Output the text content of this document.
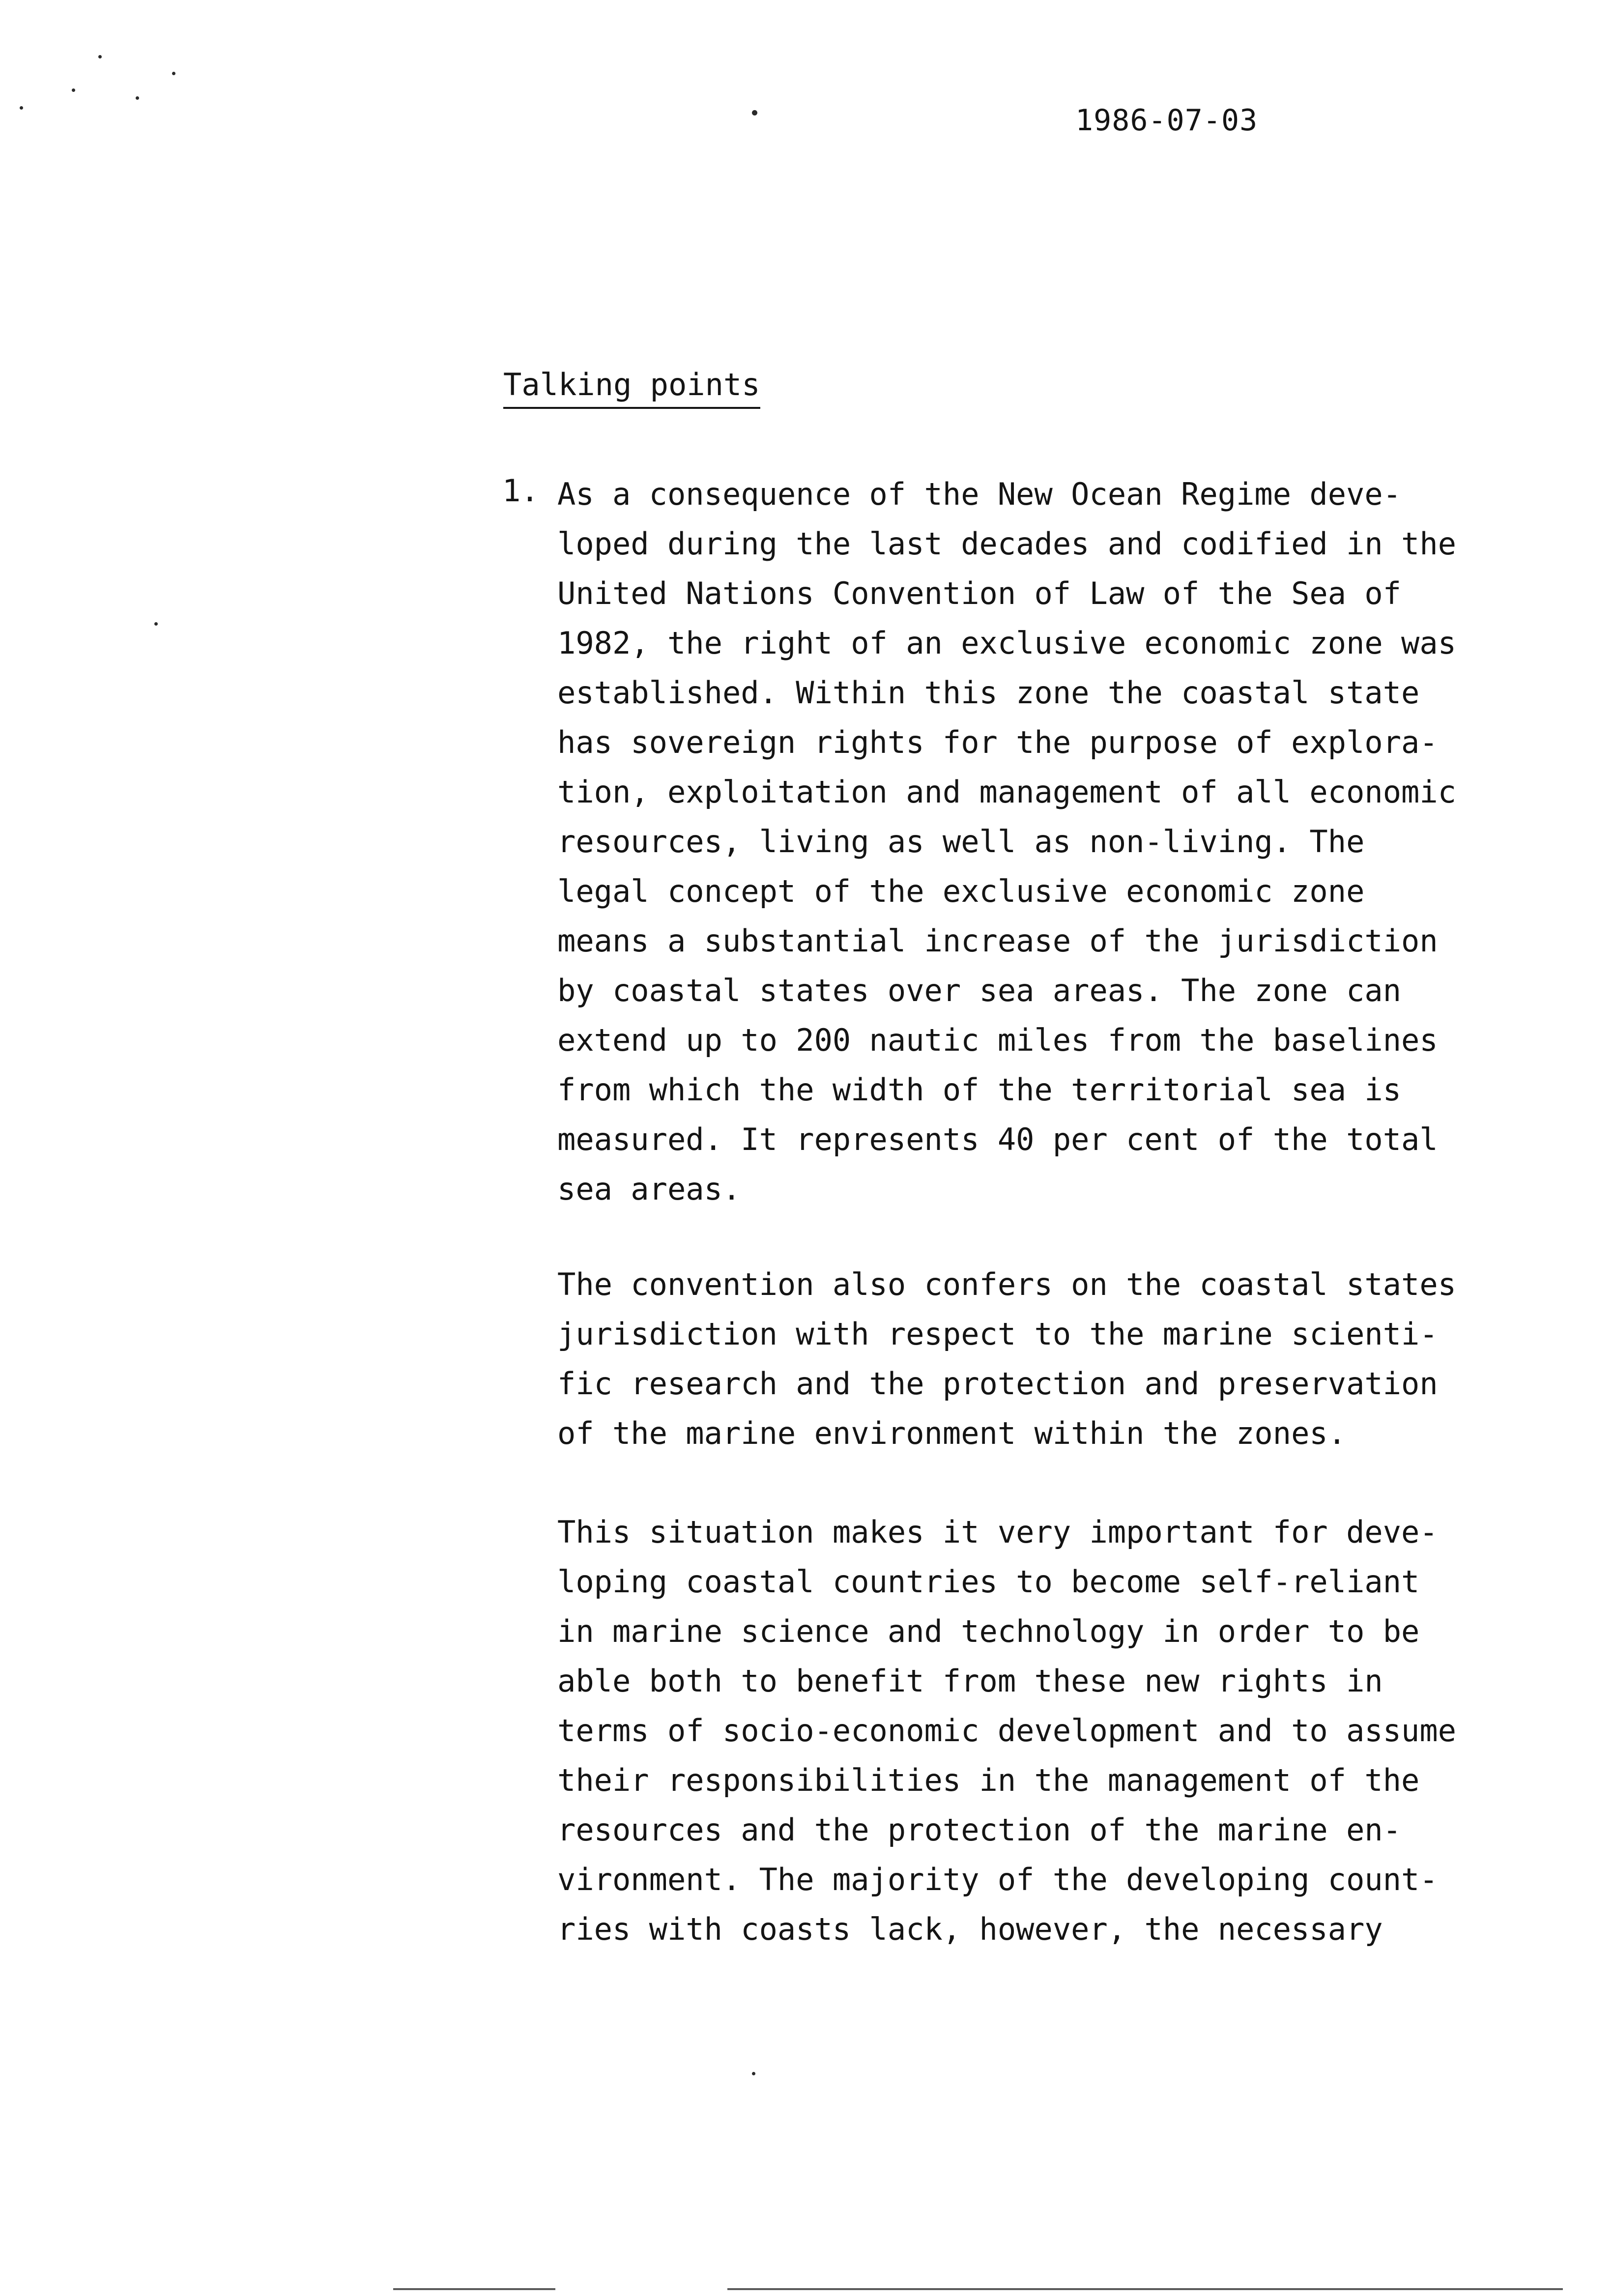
1986-07-03
Talking points
1. As a consequence of the New Ocean Regime deve-
loped during the last decades and codified in the
United Nations Convention of Law of the Sea of
1982, the right of an exclusive economic zone was
established. Within this zone the coastal state
has sovereign rights for the purpose of explora-
tion, exploitation and management of all economic
resources, living as well as non-living. The
legal concept of the exclusive economic zone
means a substantial increase of the jurisdiction
by coastal states over sea areas. The zone can
extend up to 200 nautic miles from the baselines
from which the width of the territorial sea is
measured. It represents 40 per cent of the total
sea areas.
The convention also confers on the coastal states
jurisdiction with respect to the marine scienti-
fic research and the protection and preservation
of the marine environment within the zones.
This situation makes it very important for deve-
loping coastal countries to become self-reliant
in marine science and technology in order to be
able both to benefit from these new rights in
terms of socio-economic development and to assume
their responsibilities in the management of the
resources and the protection of the marine en-
vironment. The majority of the developing count-
ries with coasts lack, however, the necessary
